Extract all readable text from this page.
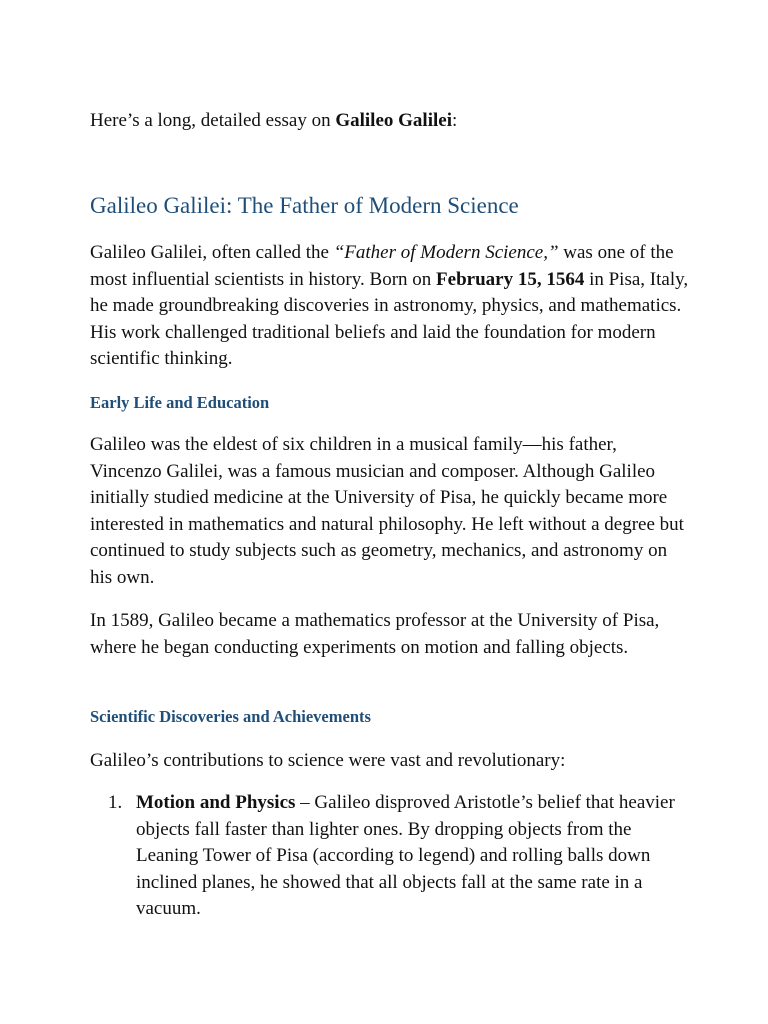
Here’s a long, detailed essay on Galileo Galilei:

Galileo Galilei: The Father of Modern Science

Galileo Galilei, often called the “Father of Modern Science,” was one of the most influential scientists in history. Born on February 15, 1564 in Pisa, Italy, he made groundbreaking discoveries in astronomy, physics, and mathematics. His work challenged traditional beliefs and laid the foundation for modern scientific thinking.

Early Life and Education

Galileo was the eldest of six children in a musical family—his father, Vincenzo Galilei, was a famous musician and composer. Although Galileo initially studied medicine at the University of Pisa, he quickly became more interested in mathematics and natural philosophy. He left without a degree but continued to study subjects such as geometry, mechanics, and astronomy on his own.

In 1589, Galileo became a mathematics professor at the University of Pisa, where he began conducting experiments on motion and falling objects.

Scientific Discoveries and Achievements

Galileo’s contributions to science were vast and revolutionary:

1. Motion and Physics – Galileo disproved Aristotle’s belief that heavier objects fall faster than lighter ones. By dropping objects from the Leaning Tower of Pisa (according to legend) and rolling balls down inclined planes, he showed that all objects fall at the same rate in a vacuum.
